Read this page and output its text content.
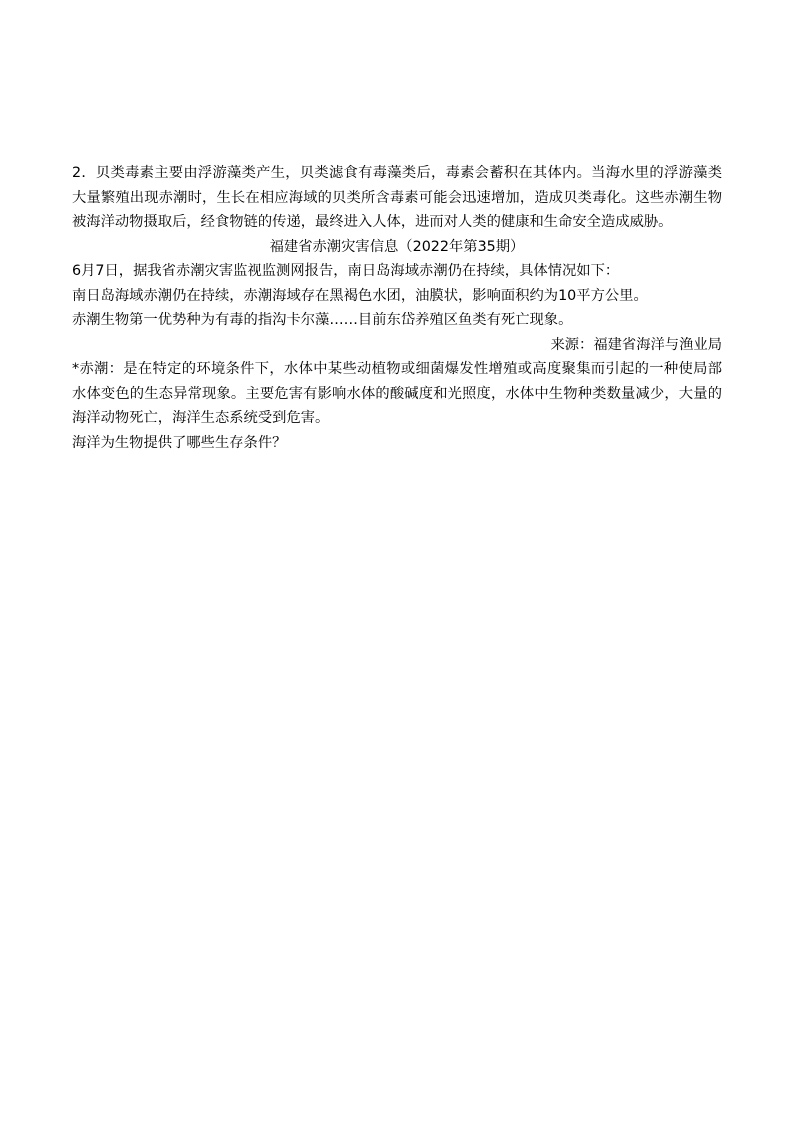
2．贝类毒素主要由浮游藻类产生，贝类滤食有毒藻类后，毒素会蓄积在其体内。当海水里的浮游藻类大量繁殖出现赤潮时，生长在相应海域的贝类所含毒素可能会迅速增加，造成贝类毒化。这些赤潮生物被海洋动物摄取后，经食物链的传递，最终进入人体，进而对人类的健康和生命安全造成威胁。

福建省赤潮灾害信息（2022年第35期）

6月7日，据我省赤潮灾害监视监测网报告，南日岛海域赤潮仍在持续，具体情况如下：

南日岛海域赤潮仍在持续，赤潮海域存在黑褐色水团，油膜状，影响面积约为10平方公里。

赤潮生物第一优势种为有毒的指沟卡尔藻……目前东岱养殖区鱼类有死亡现象。

来源：福建省海洋与渔业局

*赤潮：是在特定的环境条件下，水体中某些动植物或细菌爆发性增殖或高度聚集而引起的一种使局部水体变色的生态异常现象。主要危害有影响水体的酸碱度和光照度，水体中生物种类数量减少，大量的海洋动物死亡，海洋生态系统受到危害。

海洋为生物提供了哪些生存条件？
